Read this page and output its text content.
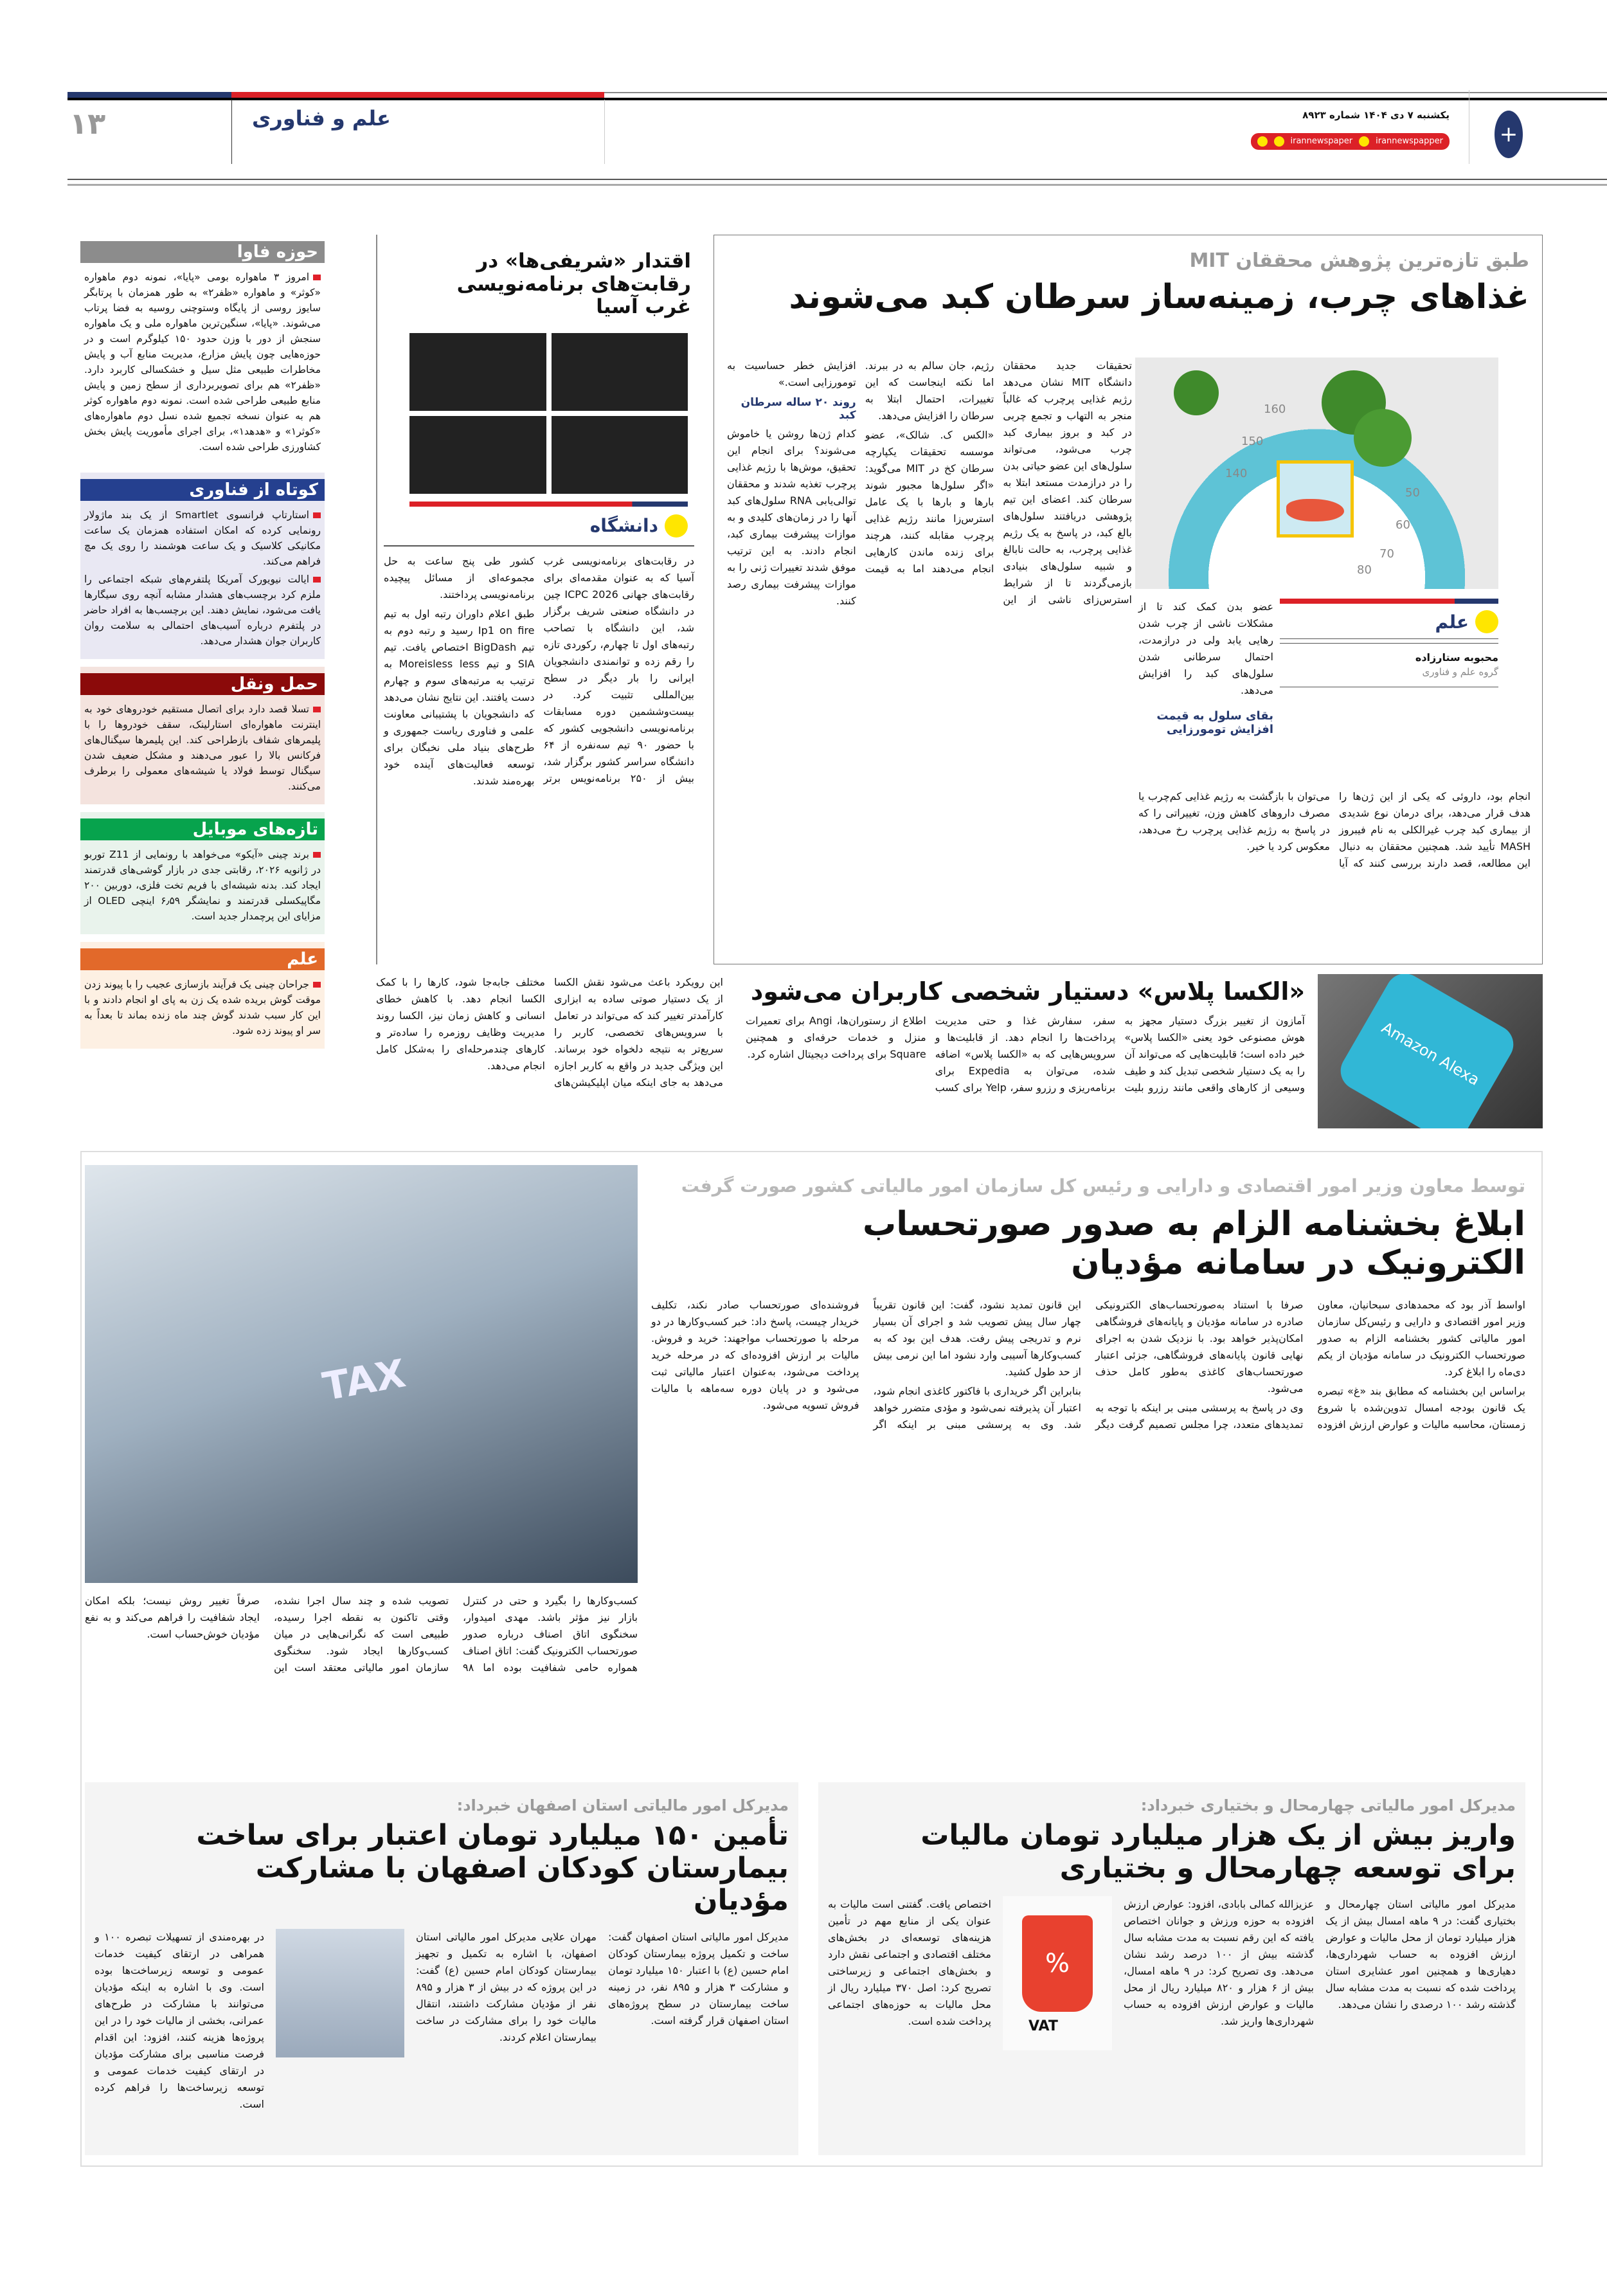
۱۳	علم و فناوری	یکشنبه ۷ دی ۱۴۰۴ شماره ۸۹۲۳
irannewspaper	irannewspapper	+
حوزه فاوا
امروز ۳ ماهواره بومی «پایا»، نمونه دوم ماهواره «کوثر» و ماهواره «ظفر۲» به طور همزمان با پرتابگر سایوز روسی از پایگاه وستوچنی روسیه به فضا پرتاب می‌شوند. «پایا»، سنگین‌ترین ماهواره ملی و یک ماهواره سنجش از دور با وزن حدود ۱۵۰ کیلوگرم است و در حوزه‌هایی چون پایش مزارع، مدیریت منابع آب و پایش مخاطرات طبیعی مثل سیل و خشکسالی کاربرد دارد. «ظفر۲» هم برای تصویربرداری از سطح زمین و پایش منابع طبیعی طراحی شده است. نمونه دوم ماهواره کوثر هم به عنوان نسخه تجمیع شده نسل دوم ماهواره‌های «کوثر۱» و «هدهد۱»، برای اجرای مأموریت پایش بخش کشاورزی طراحی شده است.
کوتاه از فناوری
استارتاپ فرانسوی Smartlet از یک بند ماژولار رونمایی کرده که امکان استفاده همزمان یک ساعت مکانیکی کلاسیک و یک ساعت هوشمند را روی یک مچ فراهم می‌کند.
ایالت نیویورک آمریکا پلتفرم‌های شبکه اجتماعی را ملزم کرد برچسب‌های هشدار مشابه آنچه روی سیگارها یافت می‌شود، نمایش دهند. این برچسب‌ها به افراد حاضر در پلتفرم درباره آسیب‌های احتمالی به سلامت روان کاربران جوان هشدار می‌دهد.
حمل ونقل
تسلا قصد دارد برای اتصال مستقیم خودروهای خود به اینترنت ماهواره‌ای استارلینک، سقف خودروها را با پلیمرهای شفاف بازطراحی کند. این پلیمرها سیگنال‌های فرکانس بالا را عبور می‌دهند و مشکل ضعیف شدن سیگنال توسط فولاد یا شیشه‌های معمولی را برطرف می‌کنند.
تازه‌های موبایل
برند چینی «آیکو» می‌خواهد با رونمایی از Z11 توربو در ژانویه ۲۰۲۶، رقابتی جدی در بازار گوشی‌های قدرتمند ایجاد کند. بدنه شیشه‌ای با فریم تخت فلزی، دوربین ۲۰۰ مگاپیکسلی قدرتمند و نمایشگر ۶٫۵۹ اینچی OLED از مزایای این پرچمدار جدید است.
علم
جراحان چینی یک فرآیند بازسازی عجیب را با پیوند زدن موقت گوش بریده شده یک زن به پای او انجام دادند و با این کار سبب شدند گوش چند ماه زنده بماند تا بعداً به سر او پیوند زده شود.
اقتدار «شریفی‌ها» در رقابت‌های برنامه‌نویسی غرب آسیا
دانشگاه
در رقابت‌های برنامه‌نویسی غرب آسیا که به عنوان مقدمه‌ای برای رقابت‌های جهانی ICPC 2026 چین در دانشگاه صنعتی شریف برگزار شد، این دانشگاه با تصاحب رتبه‌های اول تا چهارم، رکوردی تازه را رقم زده و توانمندی دانشجویان ایرانی را بار دیگر در سطح بین‌المللی تثبیت کرد. در بیست‌وششمین دوره مسابقات برنامه‌نویسی دانشجویی کشور که با حضور ۹۰ تیم سه‌نفره از ۶۴ دانشگاه سراسر کشور برگزار شد، بیش از ۲۵۰ برنامه‌نویس برتر کشور طی پنج ساعت به حل مجموعه‌ای از مسائل پیچیده برنامه‌نویسی پرداختند.
طبق اعلام داوران رتبه اول به تیم Ip1 on fire رسید و رتبه دوم به تیم BigDash اختصاص یافت. تیم SIA و تیم Moreisless less به ترتیب به مرتبه‌های سوم و چهارم دست یافتند. این نتایج نشان می‌دهد که دانشجویان با پشتیبانی معاونت علمی و فناوری ریاست جمهوری و طرح‌های بنیاد ملی نخبگان برای توسعه فعالیت‌های آینده خود بهره‌مند شدند.
طبق تازه‌ترین پژوهش محققان MIT
غذاهای چرب، زمینه‌ساز سرطان کبد می‌شوند
160
150
140
50
60
70
80
علم
محبوبه ستارزاده
گروه علم و فناوری
عضو بدن کمک کند تا از مشکلات ناشی از چرب شدن رهایی یابد ولی در درازمدت، احتمال سرطانی شدن سلول‌های کبد را افزایش می‌دهد.
بقای سلول به قیمت افزایش تومورزایی
تحقیقات جدید محققان دانشگاه MIT نشان می‌دهد رژیم غذایی پرچرب که غالباً منجر به التهاب و تجمع چربی در کبد و بروز بیماری کبد چرب می‌شود، می‌تواند سلول‌های این عضو حیاتی بدن را در درازمدت مستعد ابتلا به سرطان کند. اعضای این تیم پژوهشی دریافتند سلول‌های بالغ کبد، در پاسخ به یک رژیم غذایی پرچرب، به حالت نابالغ و شبیه سلول‌های بنیادی بازمی‌گردند تا از شرایط استرس‌زای ناشی از این رژیم، جان سالم به در ببرند. اما نکته اینجاست که این تغییرات، احتمال ابتلا به سرطان را افزایش می‌دهد.
«الکس ک. شالک»، عضو موسسه تحقیقات یکپارچه سرطان کخ در MIT می‌گوید: «اگر سلول‌ها مجبور شوند بارها و بارها با یک عامل استرس‌زا مانند رژیم غذایی پرچرب مقابله کنند، هرچند برای زنده ماندن کارهایی انجام می‌دهند اما به قیمت افزایش خطر حساسیت به تومورزایی است.»
روند ۲۰ ساله سرطان کبد
کدام ژن‌ها روشن یا خاموش می‌شوند؟ برای انجام این تحقیق، موش‌ها با رژیم غذایی پرچرب تغذیه شدند و محققان توالی‌یابی RNA سلول‌های کبد آنها را در زمان‌های کلیدی و به موازات پیشرفت بیماری کبد، انجام دادند. به این ترتیب موفق شدند تغییرات ژنی را به موازات پیشرفت بیماری رصد کنند.
انجام بود، داروئی که یکی از این ژن‌ها را هدف قرار می‌دهد، برای درمان نوع شدیدی از بیماری کبد چرب غیرالکلی به نام فیبروز MASH تأیید شد. همچنین محققان به دنبال این مطالعه، قصد دارند بررسی کنند که آیا می‌توان با بازگشت به رژیم غذایی کم‌چرب یا مصرف داروهای کاهش وزن، تغییراتی را که در پاسخ به رژیم غذایی پرچرب رخ می‌دهد، معکوس کرد یا خیر.
Amazon Alexa
«الکسا پلاس» دستیار شخصی کاربران می‌شود
آمازون از تغییر بزرگ دستیار مجهز به هوش مصنوعی خود یعنی «الکسا پلاس» خبر داده است؛ قابلیت‌هایی که می‌تواند آن را به یک دستیار شخصی تبدیل کند و طیف وسیعی از کارهای واقعی مانند رزرو بلیت سفر، سفارش غذا و حتی مدیریت پرداخت‌ها را انجام دهد. از قابلیت‌ها و سرویس‌هایی که به «الکسا پلاس» اضافه شده، می‌توان به Expedia برای برنامه‌ریزی و رزرو سفر، Yelp برای کسب اطلاع از رستوران‌ها، Angi برای تعمیرات منزل و خدمات حرفه‌ای و همچنین Square برای پرداخت دیجیتال اشاره کرد.
این رویکرد باعث می‌شود نقش الکسا از یک دستیار صوتی ساده به ابزاری کارآمدتر تغییر کند که می‌تواند در تعامل با سرویس‌های تخصصی، کاربر را سریع‌تر به نتیجه دلخواه خود برساند. این ویژگی جدید در واقع به کاربر اجازه می‌دهد به جای اینکه میان اپلیکیشن‌های مختلف جابه‌جا شود، کارها را با کمک الکسا انجام دهد. با کاهش خطای انسانی و کاهش زمان نیز، الکسا روند مدیریت وظایف روزمره را ساده‌تر و کارهای چندمرحله‌ای را به‌شکل کامل انجام می‌دهد.
TAX
توسط معاون وزیر امور اقتصادی و دارایی و رئیس کل سازمان امور مالیاتی کشور صورت گرفت
ابلاغ بخشنامه الزام به صدور صورتحساب الکترونیک در سامانه مؤدیان
اواسط آذر بود که محمدهادی سبحانیان، معاون وزیر امور اقتصادی و دارایی و رئیس‌کل سازمان امور مالیاتی کشور بخشنامه الزام به صدور صورتحساب الکترونیک در سامانه مؤدیان از یکم دی‌ماه را ابلاغ کرد.
براساس این بخشنامه که مطابق بند «غ» تبصره یک قانون بودجه امسال تدوین‌شده با شروع زمستان، محاسبه مالیات و عوارض ارزش افزوده صرفا با استناد به‌صورتحساب‌های الکترونیکی صادره در سامانه مؤدیان و پایانه‌های فروشگاهی امکان‌پذیر خواهد بود. با نزدیک شدن به اجرای نهایی قانون پایانه‌های فروشگاهی، جزئی اعتبار صورتحساب‌های کاغذی به‌طور کامل حذف می‌شود.
وی در پاسخ به پرسشی مبنی بر اینکه با توجه به تمدیدهای متعدد، چرا مجلس تصمیم گرفت دیگر این قانون تمدید نشود، گفت: این قانون تقریباً چهار سال پیش تصویب شد و اجرای آن بسیار نرم و تدریجی پیش رفت. هدف این بود که به کسب‌وکارها آسیبی وارد نشود اما این نرمی بیش از حد طول کشید.
بنابراین اگر خریداری با فاکتور کاغذی انجام شود، اعتبار آن پذیرفته نمی‌شود و مؤدی متضرر خواهد شد. وی به پرسشی مبنی بر اینکه اگر فروشنده‌ای صورتحساب صادر نکند، تکلیف خریدار چیست، پاسخ داد: خبر کسب‌وکارها در دو مرحله با صورتحساب مواجهند: خرید و فروش. مالیات بر ارزش افزوده‌ای که در مرحله خرید پرداخت می‌شود، به‌عنوان اعتبار مالیاتی ثبت می‌شود و در پایان دوره سه‌ماهه با مالیات فروش تسویه می‌شود.
کسب‌وکارها را بگیرد و حتی در کنترل بازار نیز مؤثر باشد. مهدی امیدوار، سخنگوی اتاق اصناف درباره صدور صورتحساب الکترونیک گفت: اتاق اصناف همواره حامی شفافیت بوده اما ۹۸ تصویب شده و چند سال اجرا نشده، وقتی تاکنون به نقطه اجرا رسیده، طبیعی است که نگرانی‌هایی در میان کسب‌وکارها ایجاد شود. سخنگوی سازمان امور مالیاتی معتقد است این صرفاً تغییر روش نیست؛ بلکه امکان ایجاد شفافیت را فراهم می‌کند و به نفع مؤدیان خوش‌حساب است.
مدیرکل امور مالیاتی چهارمحال و بختیاری خبرداد:
واریز بیش از یک هزار میلیارد تومان مالیات برای توسعه چهارمحال و بختیاری
مدیرکل امور مالیاتی استان چهارمحال و بختیاری گفت: در ۹ ماهه امسال بیش از یک هزار میلیارد تومان از محل مالیات و عوارض ارزش افزوده به حساب شهرداری‌ها، دهیاری‌ها و همچنین امور عشایری استان پرداخت شده که نسبت به مدت مشابه سال گذشته رشد ۱۰۰ درصدی را نشان می‌دهد.
عزیزالله کمالی بابادی، افزود: عوارض ارزش افزوده به حوزه ورزش و جوانان اختصاص یافته که این رقم نسبت به مدت مشابه سال گذشته بیش از ۱۰۰ درصد رشد نشان می‌دهد. وی تصریح کرد: در ۹ ماهه امسال، بیش از ۶ هزار و ۸۲۰ میلیارد ریال از محل مالیات و عوارض ارزش افزوده به حساب شهرداری‌ها واریز شد.
%
VAT
اختصاص یافت. گفتنی است مالیات به عنوان یکی از منابع مهم در تأمین هزینه‌های توسعه‌ای در بخش‌های مختلف اقتصادی و اجتماعی نقش دارد و بخش‌های اجتماعی و زیرساختی تصریح کرد: اصل ۳۷۰ میلیارد ریال از محل مالیات به حوزه‌های اجتماعی پرداخت شده است.
مدیرکل امور مالیاتی استان اصفهان خبرداد:
تأمین ۱۵۰ میلیارد تومان اعتبار برای ساخت بیمارستان کودکان اصفهان با مشارکت مؤدیان
مدیرکل امور مالیاتی استان اصفهان گفت: ساخت و تکمیل پروژه بیمارستان کودکان امام حسین (ع) با اعتبار ۱۵۰ میلیارد تومان و مشارکت ۳ هزار و ۸۹۵ نفر، در زمینه ساخت بیمارستان در سطح پروژه‌های استان اصفهان قرار گرفته است.
مهران علایی مدیرکل امور مالیاتی استان اصفهان، با اشاره به تکمیل و تجهیز بیمارستان کودکان امام حسین (ع) گفت: در این پروژه که در بیش از ۳ هزار و ۸۹۵ نفر از مؤدیان مشارکت داشتند، انتقال مالیات خود را برای مشارکت در ساخت بیمارستان اعلام کردند.
در بهره‌مندی از تسهیلات تبصره ۱۰۰ و همراهی در ارتقای کیفیت خدمات عمومی و توسعه زیرساخت‌ها بوده است. وی با اشاره به اینکه مؤدیان می‌توانند با مشارکت در طرح‌های عمرانی، بخشی از مالیات خود را در این پروژه‌ها هزینه کنند، افزود: این اقدام فرصت مناسبی برای مشارکت مؤدیان در ارتقای کیفیت خدمات عمومی و توسعه زیرساخت‌ها را فراهم کرده است.
